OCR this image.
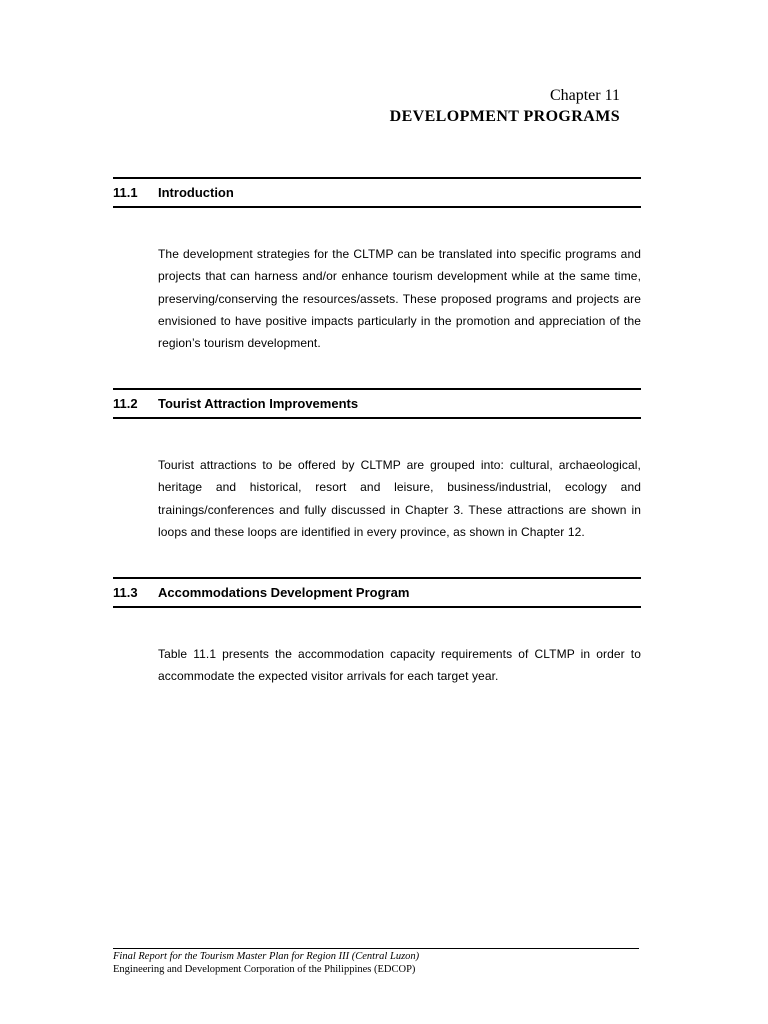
Chapter 11
DEVELOPMENT PROGRAMS
11.1 Introduction

The development strategies for the CLTMP can be translated into specific programs and projects that can harness and/or enhance tourism development while at the same time, preserving/conserving the resources/assets. These proposed programs and projects are envisioned to have positive impacts particularly in the promotion and appreciation of the region’s tourism development.

11.2 Tourist Attraction Improvements

Tourist attractions to be offered by CLTMP are grouped into: cultural, archaeological, heritage and historical, resort and leisure, business/industrial, ecology and trainings/conferences and fully discussed in Chapter 3. These attractions are shown in loops and these loops are identified in every province, as shown in Chapter 12.

11.3 Accommodations Development Program

Table 11.1 presents the accommodation capacity requirements of CLTMP in order to accommodate the expected visitor arrivals for each target year.

Final Report for the Tourism Master Plan for Region III (Central Luzon)
Engineering and Development Corporation of the Philippines (EDCOP)
